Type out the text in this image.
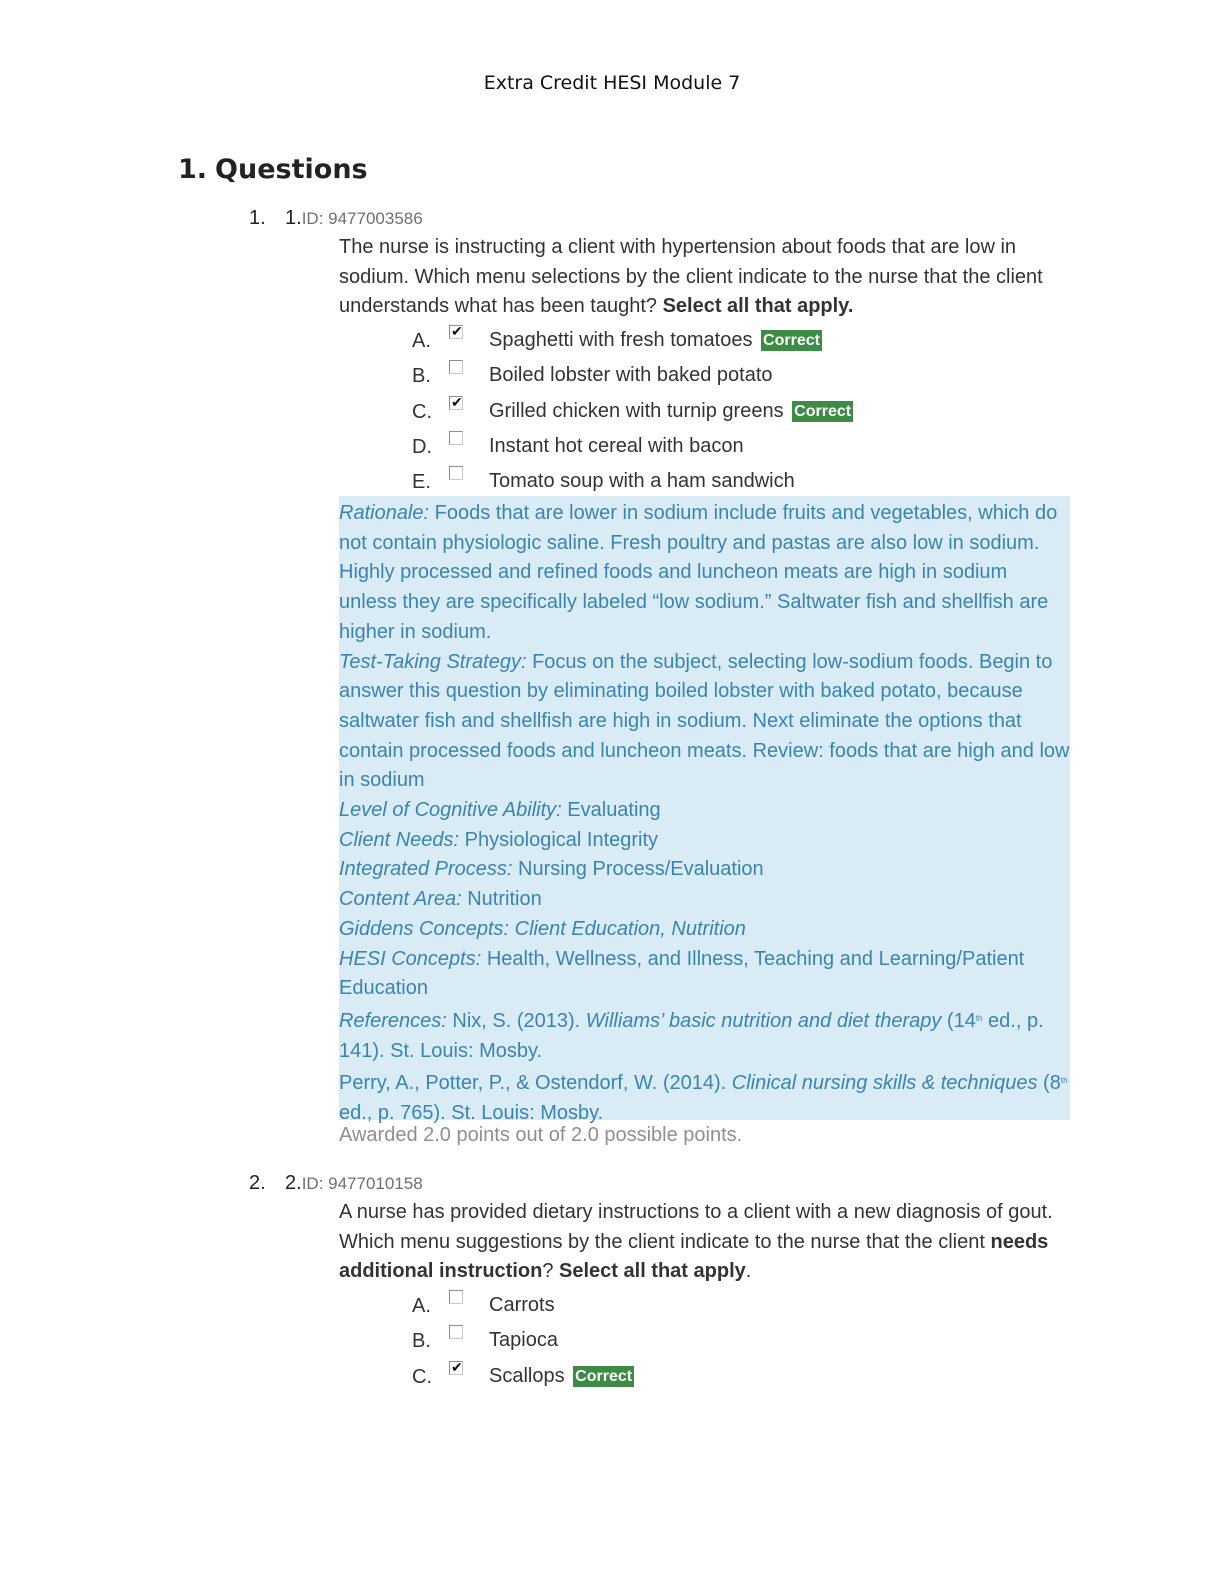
Extra Credit HESI Module 7
1. Questions
1. 1.ID: 9477003586
The nurse is instructing a client with hypertension about foods that are low in sodium. Which menu selections by the client indicate to the nurse that the client understands what has been taught? Select all that apply.
A. ✔ Spaghetti with fresh tomatoes Correct
B.	Boiled lobster with baked potato
C. ✔ Grilled chicken with turnip greens Correct
D.	Instant hot cereal with bacon
E.	Tomato soup with a ham sandwich

Rationale: Foods that are lower in sodium include fruits and vegetables, which do not contain physiologic saline. Fresh poultry and pastas are also low in sodium. Highly processed and refined foods and luncheon meats are high in sodium unless they are specifically labeled “low sodium.” Saltwater fish and shellfish are higher in sodium.

Test-Taking Strategy: Focus on the subject, selecting low-sodium foods. Begin to answer this question by eliminating boiled lobster with baked potato, because saltwater fish and shellfish are high in sodium. Next eliminate the options that contain processed foods and luncheon meats. Review: foods that are high and low in sodium

Level of Cognitive Ability: Evaluating

Client Needs: Physiological Integrity

Integrated Process: Nursing Process/Evaluation

Content Area: Nutrition

Giddens Concepts: Client Education, Nutrition

HESI Concepts: Health, Wellness, and Illness, Teaching and Learning/Patient Education

References: Nix, S. (2013). Williams’ basic nutrition and diet therapy (14th ed., p. 141). St. Louis: Mosby.

Perry, A., Potter, P., & Ostendorf, W. (2014). Clinical nursing skills & techniques (8th ed., p. 765). St. Louis: Mosby.

Awarded 2.0 points out of 2.0 possible points.
2. 2.ID: 9477010158
A nurse has provided dietary instructions to a client with a new diagnosis of gout. Which menu suggestions by the client indicate to the nurse that the client needs additional instruction? Select all that apply.
A.	Carrots
B.	Tapioca
C. ✔ Scallops Correct
